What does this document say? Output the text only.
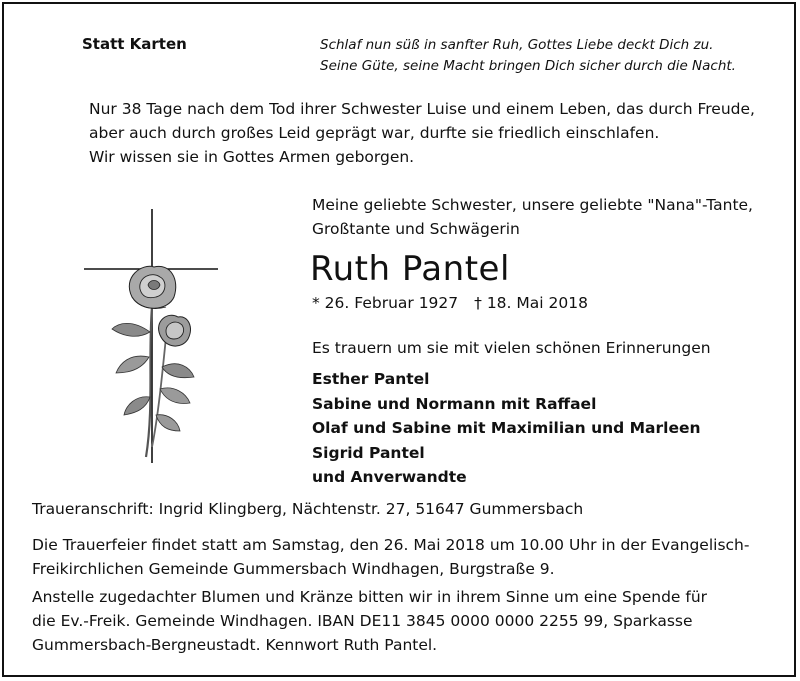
Statt Karten	Schlaf nun süß in sanfter Ruh, Gottes Liebe deckt Dich zu.
Seine Güte, seine Macht bringen Dich sicher durch die Nacht.
Nur 38 Tage nach dem Tod ihrer Schwester Luise und einem Leben, das durch Freude,
aber auch durch großes Leid geprägt war, durfte sie friedlich einschlafen.
Wir wissen sie in Gottes Armen geborgen.
Meine geliebte Schwester, unsere geliebte "Nana"-Tante,
Großtante und Schwägerin
Ruth Pantel
* 26. Februar 1927 † 18. Mai 2018
Es trauern um sie mit vielen schönen Erinnerungen
Esther Pantel
Sabine und Normann mit Raffael
Olaf und Sabine mit Maximilian und Marleen
Sigrid Pantel
und Anverwandte
Traueranschrift: Ingrid Klingberg, Nächtenstr. 27, 51647 Gummersbach
Die Trauerfeier findet statt am Samstag, den 26. Mai 2018 um 10.00 Uhr in der Evangelisch-
Freikirchlichen Gemeinde Gummersbach Windhagen, Burgstraße 9.
Anstelle zugedachter Blumen und Kränze bitten wir in ihrem Sinne um eine Spende für
die Ev.-Freik. Gemeinde Windhagen. IBAN DE11 3845 0000 0000 2255 99, Sparkasse
Gummersbach-Bergneustadt. Kennwort Ruth Pantel.
